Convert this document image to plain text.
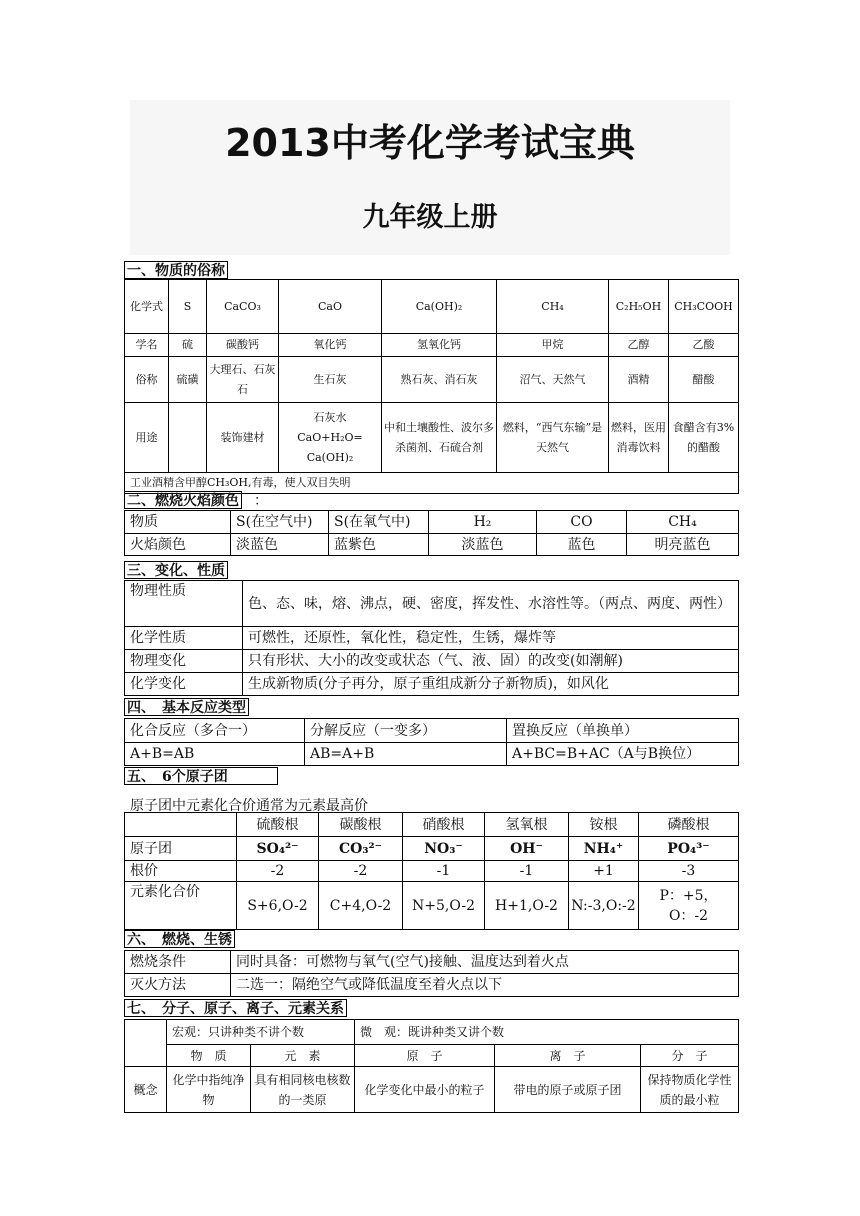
2013中考化学考试宝典
九年级上册
一、物质的俗称
化学式	S	CaCO₃	CaO	Ca(OH)₂	CH₄	C₂H₅OH	CH₃COOH
学名	硫	碳酸钙	氧化钙	氢氧化钙	甲烷	乙醇	乙酸
俗称	硫磺	大理石、石灰石	生石灰	熟石灰、消石灰	沼气、天然气	酒精	醋酸
用途		装饰建材	石灰水 CaO+H₂O= Ca(OH)₂	中和土壤酸性、波尔多杀菌剂、石硫合剂	燃料，“西气东输”是天然气	燃料，医用消毒饮料	食醋含有3%的醋酸
工业酒精含甲醇CH₃OH,有毒，使人双目失明							
二、燃烧火焰颜色 ：
物质	S(在空气中)	S(在氧气中)	H₂	CO	CH₄
火焰颜色	淡蓝色	蓝紫色	淡蓝色	蓝色	明亮蓝色
三、变化、性质
物理性质	色、态、味，熔、沸点，硬、密度，挥发性、水溶性等。（两点、两度、两性）
化学性质	可燃性，还原性，氧化性，稳定性，生锈，爆炸等
物理变化	只有形状、大小的改变或状态（气、液、固）的改变(如潮解)
化学变化	生成新物质(分子再分，原子重组成新分子新物质)，如风化
四、　基本反应类型
化合反应（多合一）	分解反应（一变多）	置换反应（单换单）
A+B=AB	AB=A+B	A+BC=B+AC（A与B换位）
五、　6个原子团
原子团中元素化合价通常为元素最高价
	硫酸根	碳酸根	硝酸根	氢氧根	铵根	磷酸根
原子团	SO₄²⁻	CO₃²⁻	NO₃⁻	OH⁻	NH₄⁺	PO₄³⁻
根价	-2	-2	-1	-1	+1	-3
元素化合价	S+6,O-2	C+4,O-2	N+5,O-2	H+1,O-2	N:-3,O:-2	P：+5，O：-2
六、　燃烧、生锈
燃烧条件	同时具备：可燃物与氧气(空气)接触、温度达到着火点
灭火方法	二选一：隔绝空气或降低温度至着火点以下
七、　分子、原子、离子、元素关系
	宏观：只讲种类不讲个数		微　观：既讲种类又讲个数		
	物　质	元　素	原　子	离　子	分　子
概念	化学中指纯净物	具有相同核电核数的一类原	化学变化中最小的粒子	带电的原子或原子团	保持物质化学性质的最小粒
